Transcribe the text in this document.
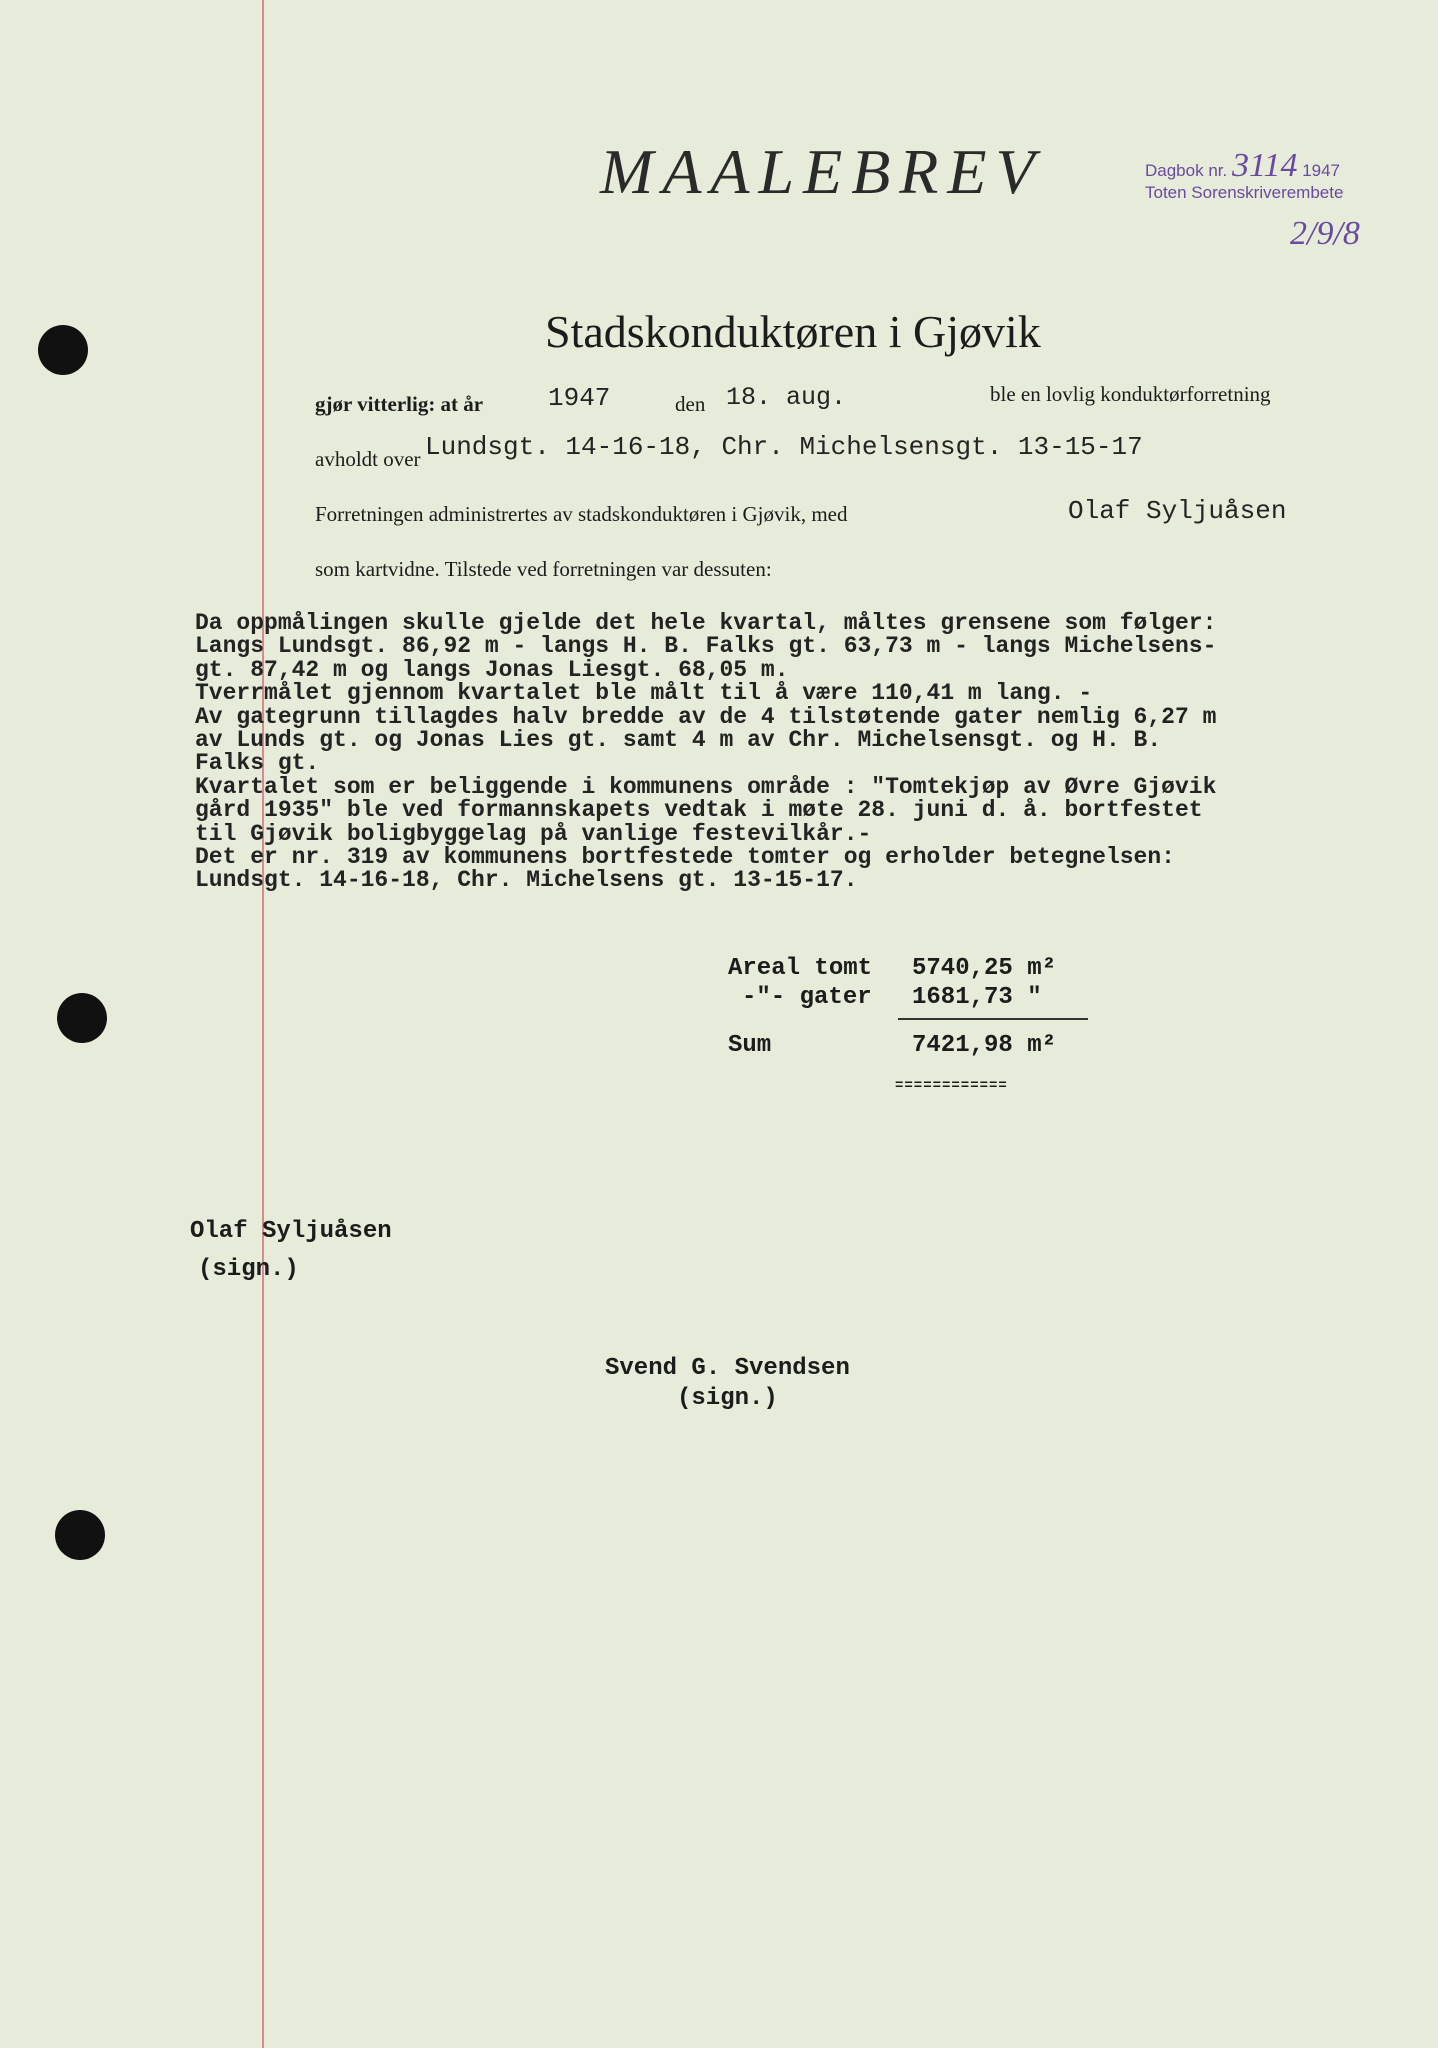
MAALEBREV	Dagbok nr. 3114 1947
Toten Sorenskriverembete
2/9/8
Stadskonduktøren i Gjøvik
gjør vitterlig: at år 1947	den 18. aug.	ble en lovlig konduktørforretning
avholdt over Lundsgt. 14-16-18, Chr. Michelsensgt. 13-15-17
Forretningen administrertes av stadskonduktøren i Gjøvik, med	Olaf Syljuåsen
som kartvidne. Tilstede ved forretningen var dessuten:
Da oppmålingen skulle gjelde det hele kvartal, måltes grensene som følger:
Langs Lundsgt. 86,92 m - langs H. B. Falks gt. 63,73 m - langs Michelsens-
gt. 87,42 m og langs Jonas Liesgt. 68,05 m.
Tverrmålet gjennom kvartalet ble målt til å være 110,41 m lang. -
Av gategrunn tillagdes halv bredde av de 4 tilstøtende gater nemlig 6,27 m
av Lunds gt. og Jonas Lies gt. samt 4 m av Chr. Michelsensgt. og H. B.
Falks gt.
Kvartalet som er beliggende i kommunens område : "Tomtekjøp av Øvre Gjøvik
gård 1935" ble ved formannskapets vedtak i møte 28. juni d. å. bortfestet
til Gjøvik boligbyggelag på vanlige festevilkår.-
Det er nr. 319 av kommunens bortfestede tomter og erholder betegnelsen:
Lundsgt. 14-16-18, Chr. Michelsens gt. 13-15-17.
Areal tomt 5740,25 m²
-"- gater 1681,73 "
Sum	7421,98 m²
============
Olaf Syljuåsen
(sign.)
Svend G. Svendsen
(sign.)
